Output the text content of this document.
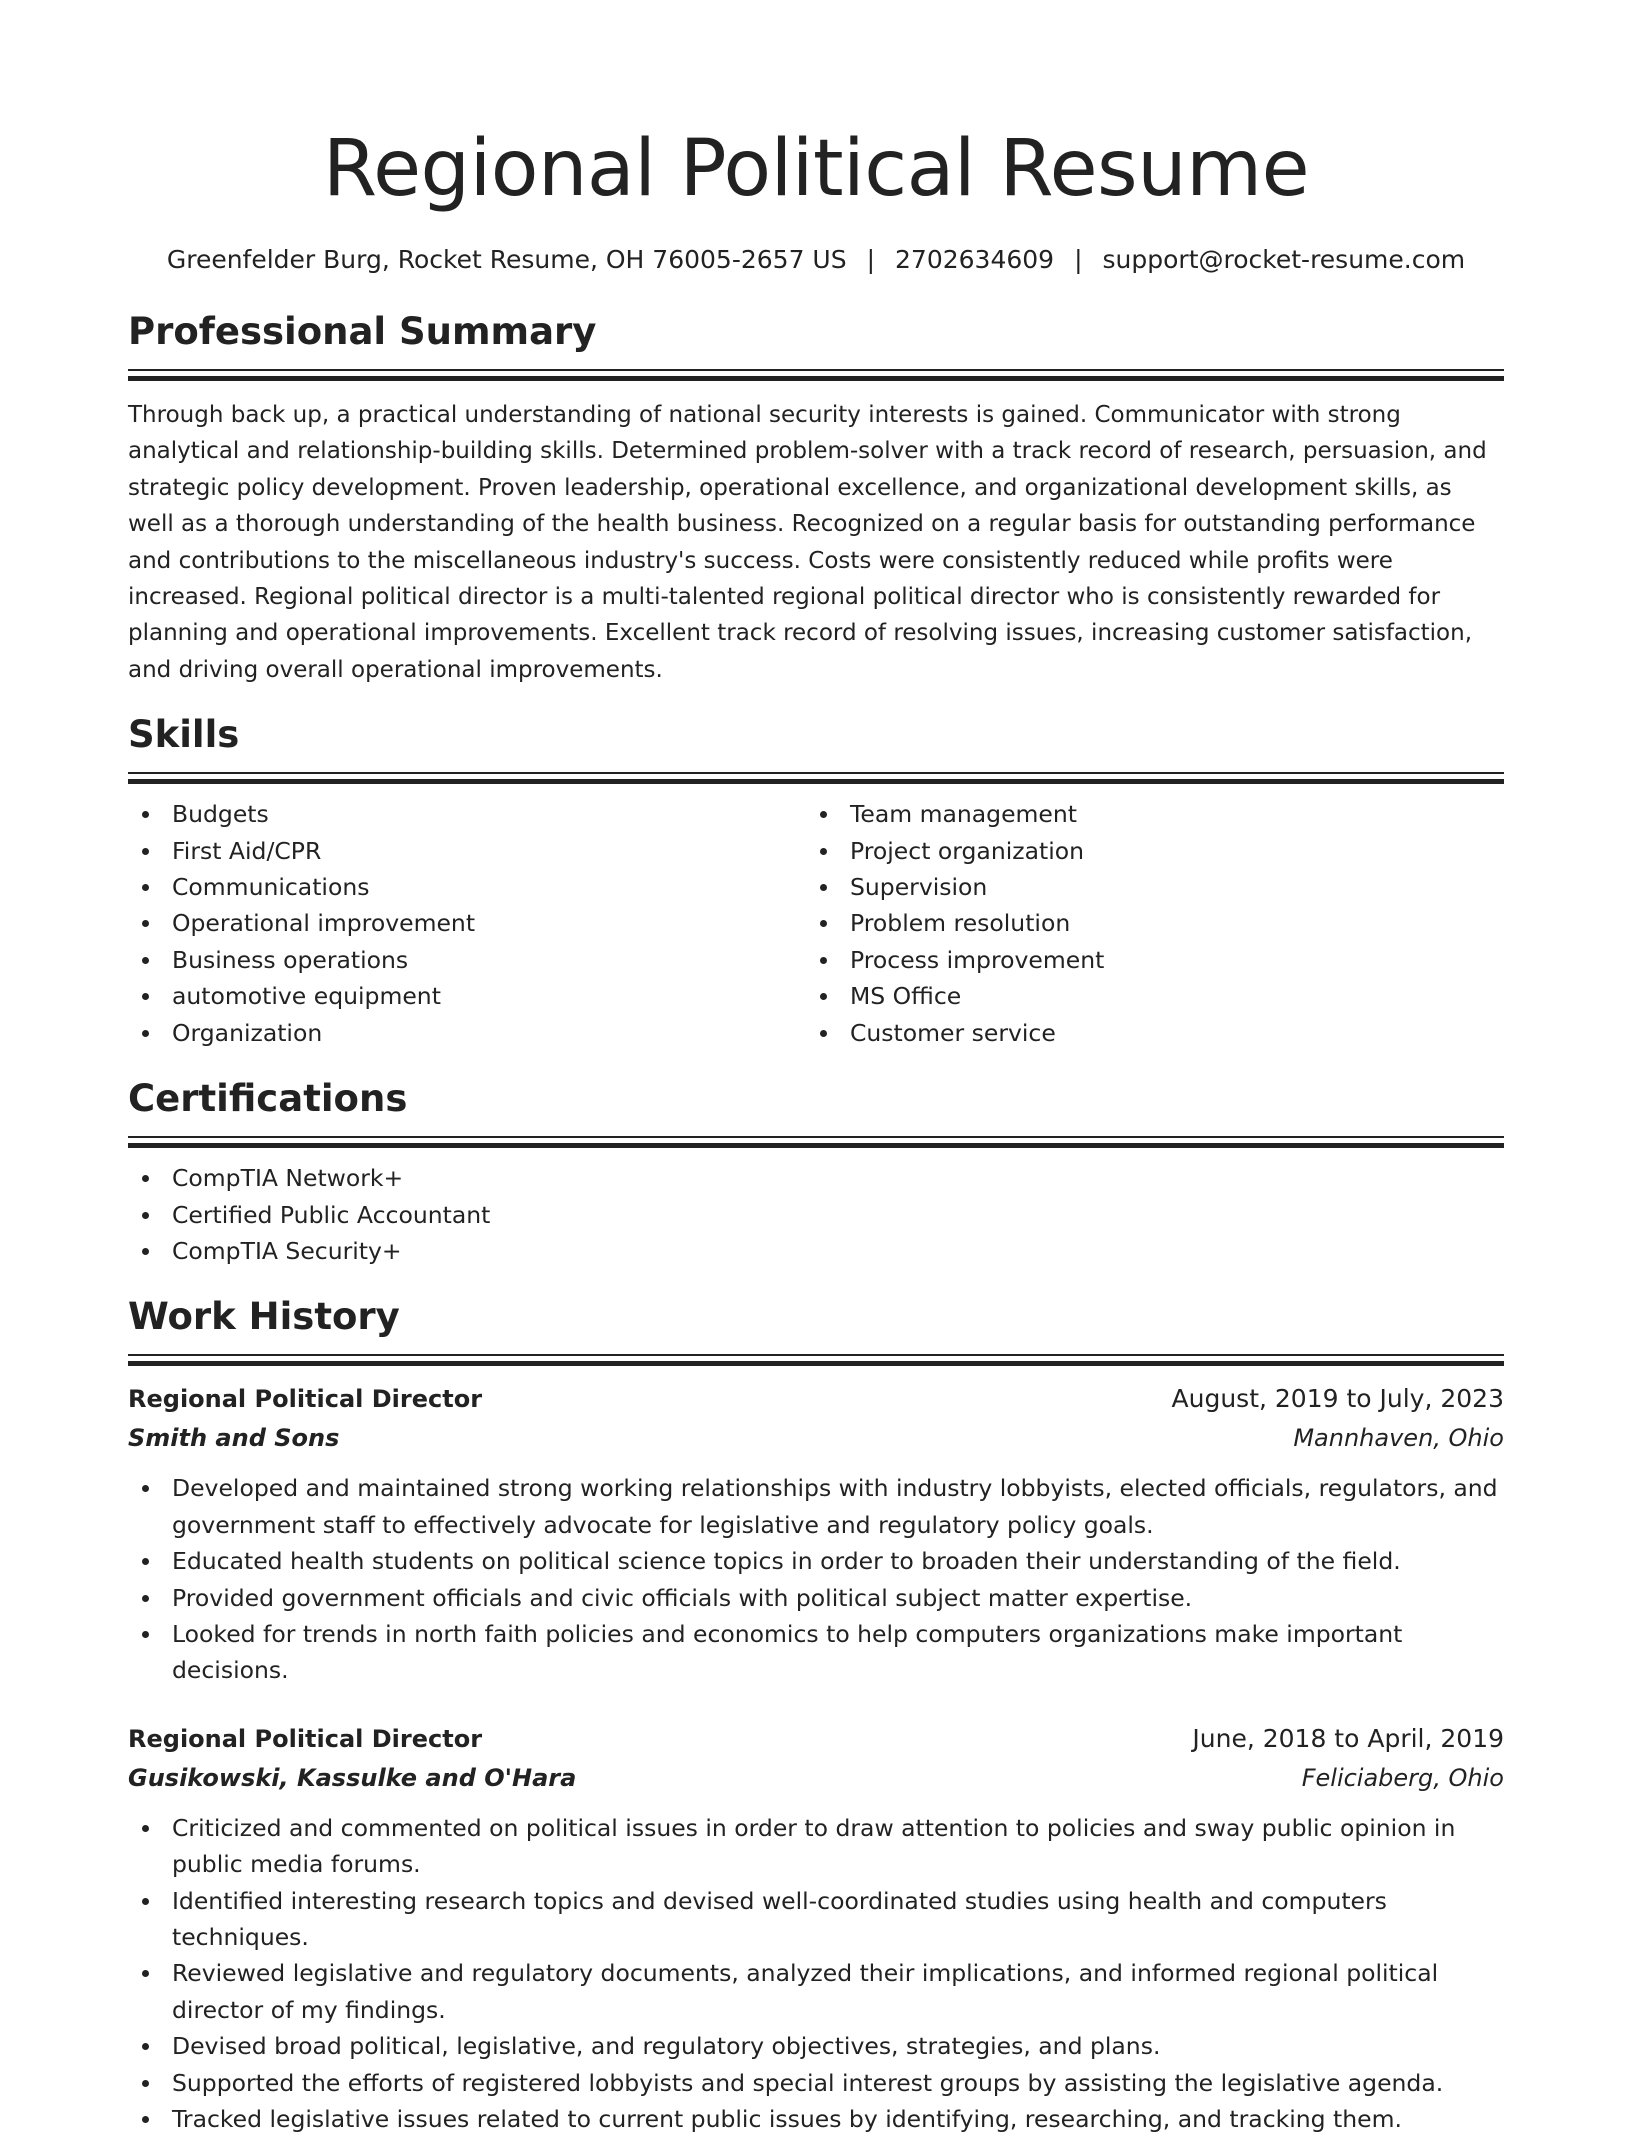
Regional Political Resume
Greenfelder Burg, Rocket Resume, OH 76005-2657 US | 2702634609 | support@rocket-resume.com
Professional Summary

Through back up, a practical understanding of national security interests is gained. Communicator with strong analytical and relationship-building skills. Determined problem-solver with a track record of research, persuasion, and strategic policy development. Proven leadership, operational excellence, and organizational development skills, as well as a thorough understanding of the health business. Recognized on a regular basis for outstanding performance and contributions to the miscellaneous industry's success. Costs were consistently reduced while profits were increased. Regional political director is a multi-talented regional political director who is consistently rewarded for planning and operational improvements. Excellent track record of resolving issues, increasing customer satisfaction, and driving overall operational improvements.

Skills
Budgets
First Aid/CPR
Communications
Operational improvement
Business operations
automotive equipment
Organization
Team management
Project organization
Supervision
Problem resolution
Process improvement
MS Office
Customer service
Certifications
CompTIA Network+
Certified Public Accountant
CompTIA Security+
Work History
Regional Political Director	August, 2019 to July, 2023
Smith and Sons	Mannhaven, Ohio
Developed and maintained strong working relationships with industry lobbyists, elected officials, regulators, and government staff to effectively advocate for legislative and regulatory policy goals.
Educated health students on political science topics in order to broaden their understanding of the field.
Provided government officials and civic officials with political subject matter expertise.
Looked for trends in north faith policies and economics to help computers organizations make important decisions.
Regional Political Director	June, 2018 to April, 2019
Gusikowski, Kassulke and O'Hara	Feliciaberg, Ohio
Criticized and commented on political issues in order to draw attention to policies and sway public opinion in public media forums.
Identified interesting research topics and devised well-coordinated studies using health and computers techniques.
Reviewed legislative and regulatory documents, analyzed their implications, and informed regional political director of my findings.
Devised broad political, legislative, and regulatory objectives, strategies, and plans.
Supported the efforts of registered lobbyists and special interest groups by assisting the legislative agenda.
Tracked legislative issues related to current public issues by identifying, researching, and tracking them.
